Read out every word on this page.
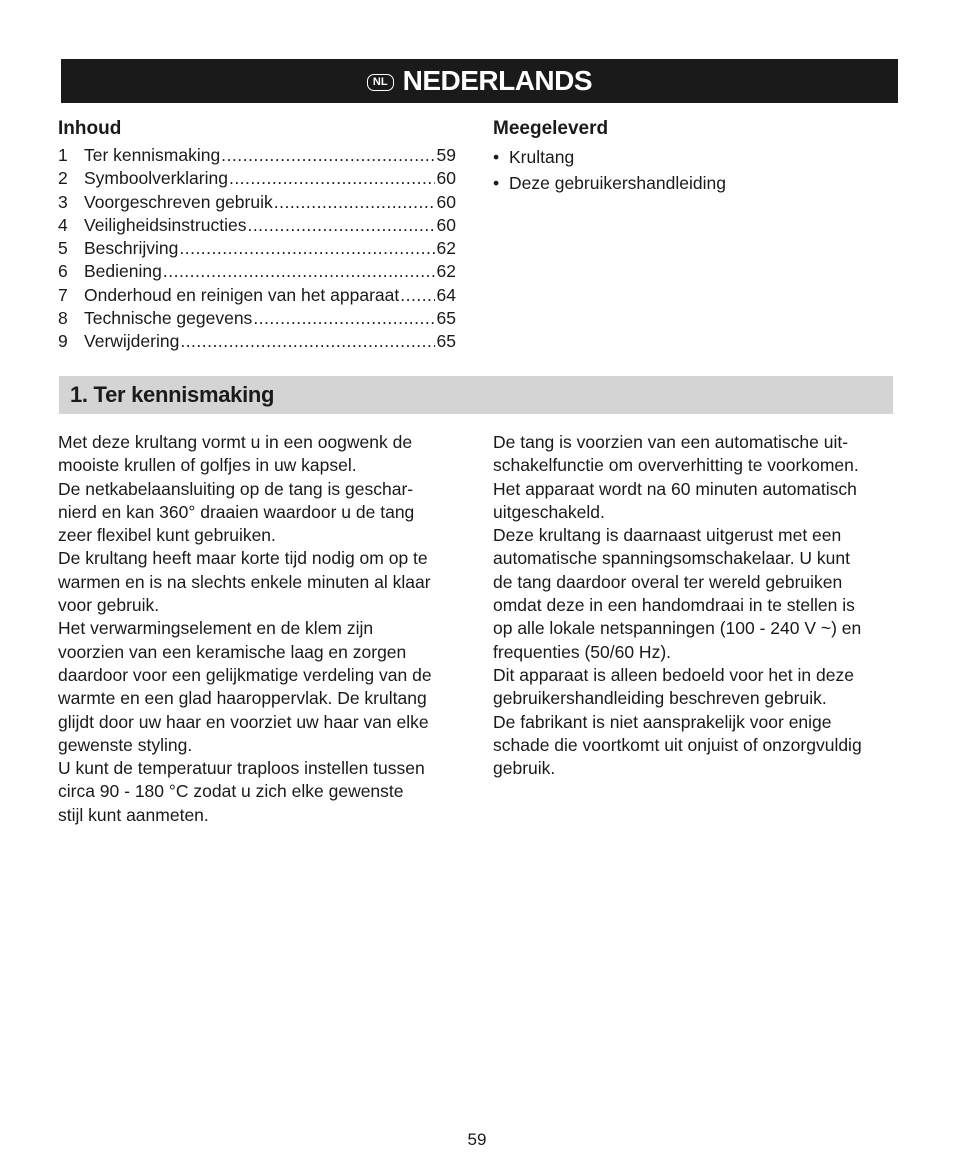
NL NEDERLANDS
Inhoud
1 Ter kennismaking .....	59
2 Symboolverklaring .....	60
3 Voorgeschreven gebruik .....	60
4 Veiligheidsinstructies .....	60
5 Beschrijving .....	62
6 Bediening .....	62
7 Onderhoud en reinigen van het apparaat ..... 64
8 Technische gegevens .....	65
9 Verwijdering .....	65
Meegeleverd
• Krultang
• Deze gebruikershandleiding
1. Ter kennismaking

Met deze krultang vormt u in een oogwenk de
mooiste krullen of golfjes in uw kapsel.

De netkabelaansluiting op de tang is geschar-
nierd en kan 360° draaien waardoor u de tang
zeer flexibel kunt gebruiken.

De krultang heeft maar korte tijd nodig om op te
warmen en is na slechts enkele minuten al klaar
voor gebruik.

Het verwarmingselement en de klem zijn
voorzien van een keramische laag en zorgen
daardoor voor een gelijkmatige verdeling van de
warmte en een glad haaroppervlak. De krultang
glijdt door uw haar en voorziet uw haar van elke
gewenste styling.

U kunt de temperatuur traploos instellen tussen
circa 90 - 180 °C zodat u zich elke gewenste
stijl kunt aanmeten.

De tang is voorzien van een automatische uit-
schakelfunctie om oververhitting te voorkomen.
Het apparaat wordt na 60 minuten automatisch
uitgeschakeld.

Deze krultang is daarnaast uitgerust met een
automatische spanningsomschakelaar. U kunt
de tang daardoor overal ter wereld gebruiken
omdat deze in een handomdraai in te stellen is
op alle lokale netspanningen (100 - 240 V ~) en
frequenties (50/60 Hz).

Dit apparaat is alleen bedoeld voor het in deze
gebruikershandleiding beschreven gebruik.

De fabrikant is niet aansprakelijk voor enige
schade die voortkomt uit onjuist of onzorgvuldig
gebruik.

59
